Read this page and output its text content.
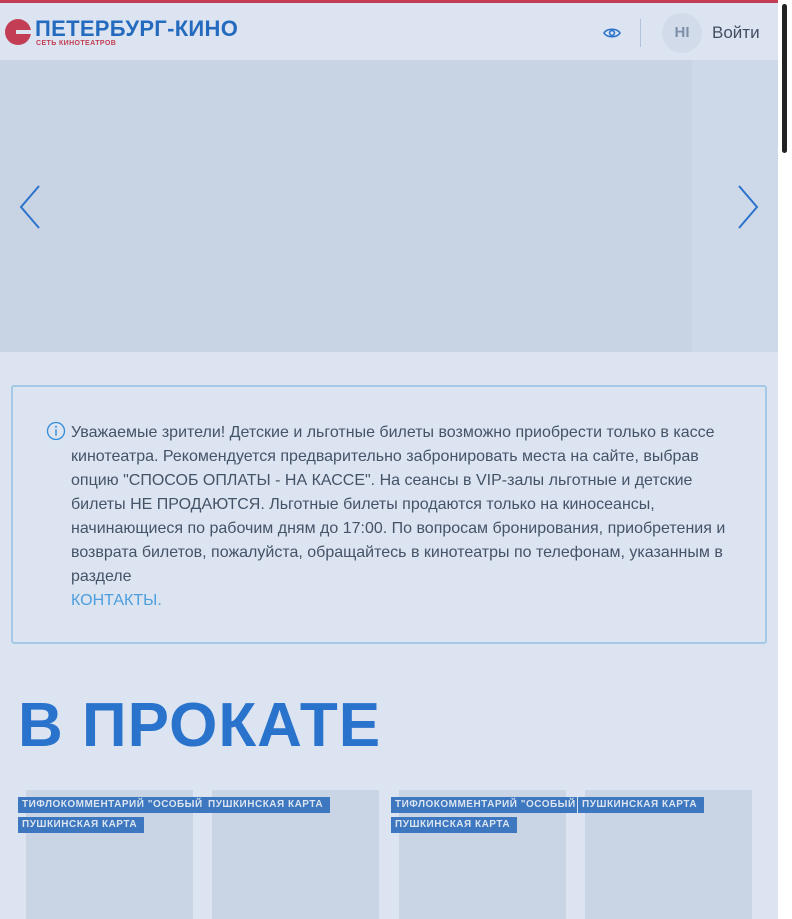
ПЕТЕРБУРГ-КИНО
СЕТЬ КИНОТЕАТРОВ
HI	Войти

Уважаемые зрители! Детские и льготные билеты возможно приобрести только в кассе кинотеатра. Рекомендуется предварительно забронировать места на сайте, выбрав опцию "СПОСОБ ОПЛАТЫ - НА КАССЕ". На сеансы в VIP-залы льготные и детские билеты НЕ ПРОДАЮТСЯ. Льготные билеты продаются только на киносеансы, начинающиеся по рабочим дням до 17:00. По вопросам бронирования, приобретения и возврата билетов, пожалуйста, обращайтесь в кинотеатры по телефонам, указанным в разделе

КОНТАКТЫ.
В ПРОКАТЕ
ТИФЛОКОММЕНТАРИЙ "ОСОБЫЙ
ПУШКИНСКАЯ КАРТА
ПУШКИНСКАЯ КАРТА	ТИФЛОКОММЕНТАРИЙ "ОСОБЫЙ
ПУШКИНСКАЯ КАРТА
ПУШКИНСКАЯ КАРТА
